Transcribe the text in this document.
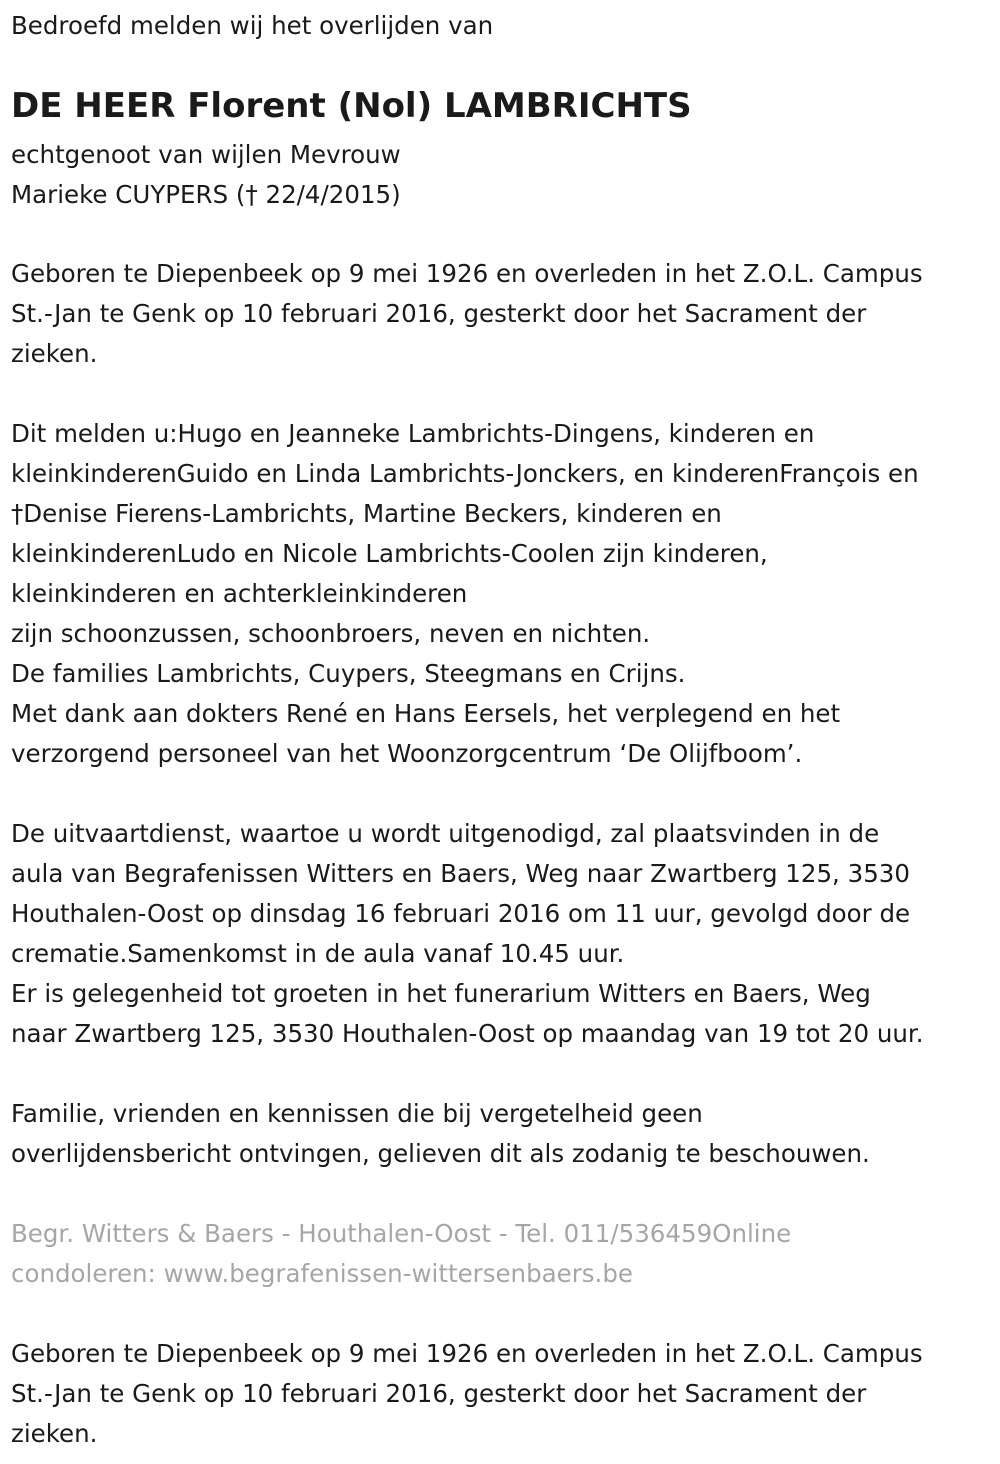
Bedroefd melden wij het overlijden van
DE HEER Florent (Nol) LAMBRICHTS
echtgenoot van wijlen Mevrouw
Marieke CUYPERS († 22/4/2015)
Geboren te Diepenbeek op 9 mei 1926 en overleden in het Z.O.L. Campus
St.-Jan te Genk op 10 februari 2016, gesterkt door het Sacrament der
zieken.
Dit melden u:Hugo en Jeanneke Lambrichts-Dingens, kinderen en
kleinkinderenGuido en Linda Lambrichts-Jonckers, en kinderenFrançois en
†Denise Fierens-Lambrichts, Martine Beckers, kinderen en
kleinkinderenLudo en Nicole Lambrichts-Coolen zijn kinderen,
kleinkinderen en achterkleinkinderen
zijn schoonzussen, schoonbroers, neven en nichten.
De families Lambrichts, Cuypers, Steegmans en Crijns.
Met dank aan dokters René en Hans Eersels, het verplegend en het
verzorgend personeel van het Woonzorgcentrum ‘De Olijfboom’.
De uitvaartdienst, waartoe u wordt uitgenodigd, zal plaatsvinden in de
aula van Begrafenissen Witters en Baers, Weg naar Zwartberg 125, 3530
Houthalen-Oost op dinsdag 16 februari 2016 om 11 uur, gevolgd door de
crematie.Samenkomst in de aula vanaf 10.45 uur.
Er is gelegenheid tot groeten in het funerarium Witters en Baers, Weg
naar Zwartberg 125, 3530 Houthalen-Oost op maandag van 19 tot 20 uur.
Familie, vrienden en kennissen die bij vergetelheid geen
overlijdensbericht ontvingen, gelieven dit als zodanig te beschouwen.
Begr. Witters & Baers - Houthalen-Oost - Tel. 011/536459Online
condoleren: www.begrafenissen-wittersenbaers.be
Geboren te Diepenbeek op 9 mei 1926 en overleden in het Z.O.L. Campus
St.-Jan te Genk op 10 februari 2016, gesterkt door het Sacrament der
zieken.
